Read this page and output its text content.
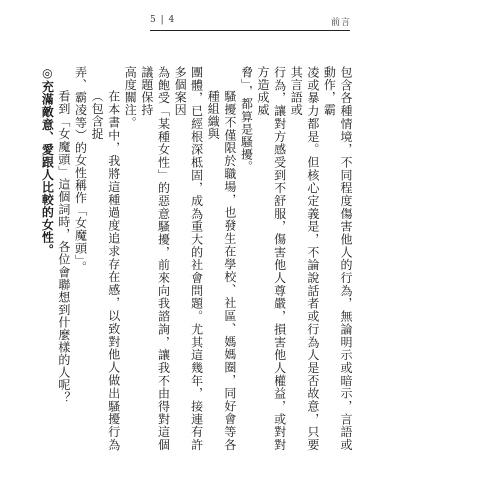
5 | 4	前言
包含各種情境，不同程度傷害他人的行為，無論明示或暗示，言語或動作，霸
凌或暴力都是。但核心定義是，不論說話者或行為人是否故意，只要其言語或
行為，讓對方感受到不舒服，傷害他人尊嚴，損害他人權益，或對對方造成威
脅」，都算是騷擾。
騷擾不僅限於職場，也發生在學校、社區、媽媽圈，同好會等各種組織與
團體，已經根深柢固，成為重大的社會問題。尤其這幾年，接連有許多個案因
為飽受「某種女性」的惡意騷擾，前來向我諮詢，讓我不由得對這個議題保持
高度關注。
在本書中，我將這種過度追求存在感，以致對他人做出騷擾行為（包含捉
弄、霸凌等）的女性稱作「女魔頭」。
看到「女魔頭」這個詞時，各位會聯想到什麼樣的人呢？
◎充滿敵意、愛跟人比較的女性。
